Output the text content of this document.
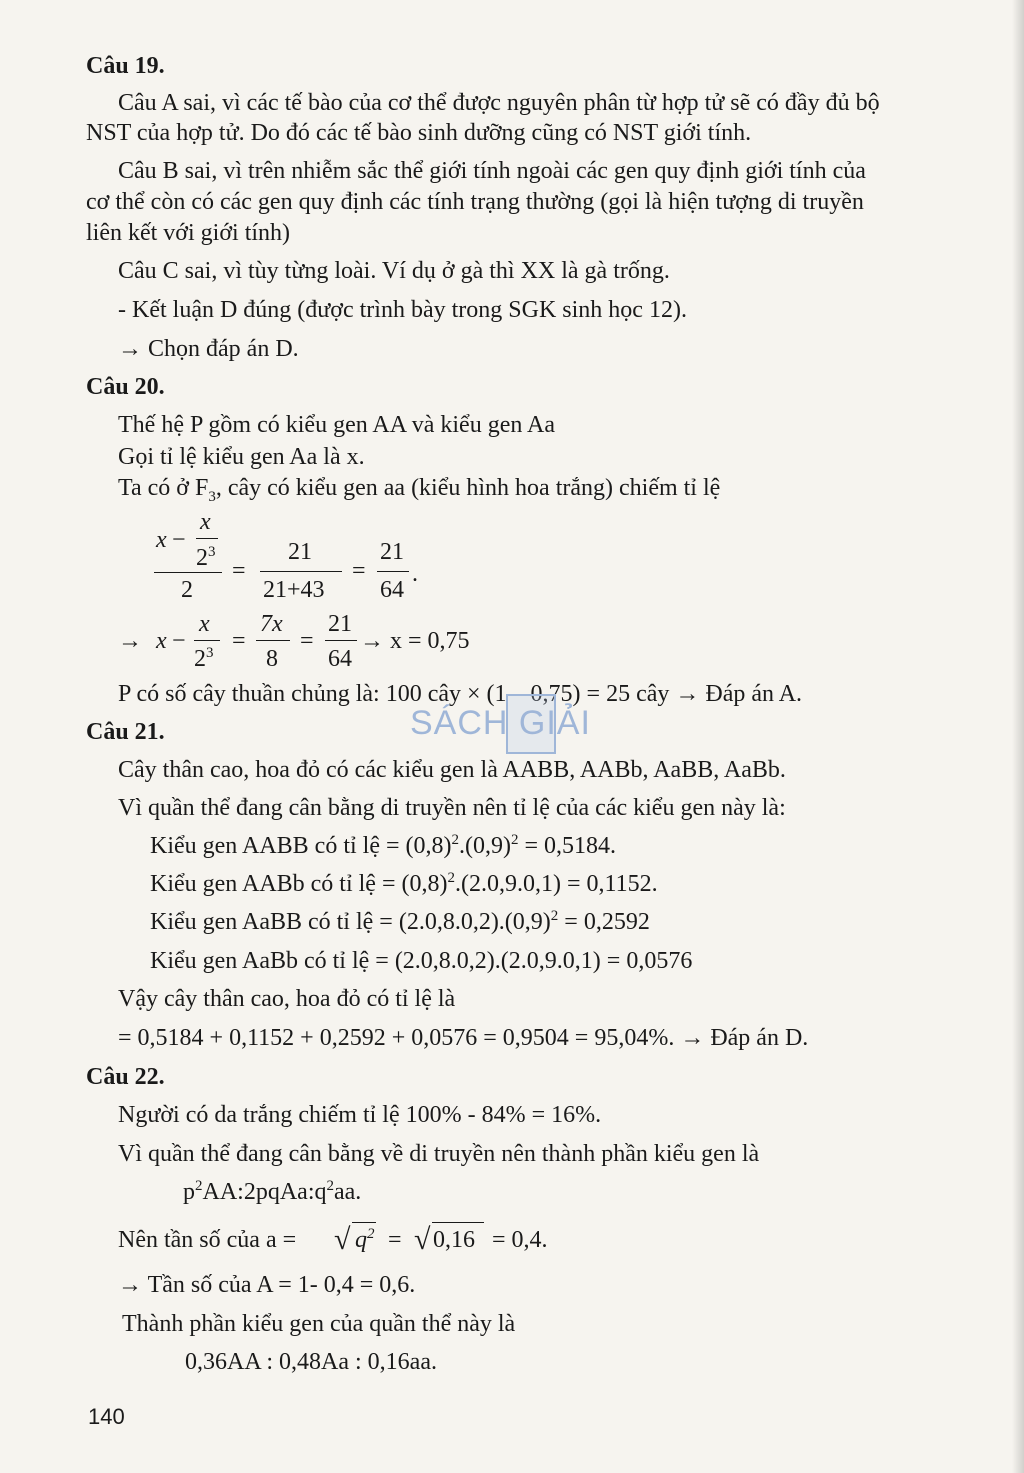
Câu 19.
Câu A sai, vì các tế bào của cơ thể được nguyên phân từ hợp tử sẽ có đầy đủ bộ
NST của hợp tử. Do đó các tế bào sinh dưỡng cũng có NST giới tính.
Câu B sai, vì trên nhiễm sắc thể giới tính ngoài các gen quy định giới tính của
cơ thể còn có các gen quy định các tính trạng thường (gọi là hiện tượng di truyền
liên kết với giới tính)
Câu C sai, vì tùy từng loài. Ví dụ ở gà thì XX là gà trống.
- Kết luận D đúng (được trình bày trong SGK sinh học 12).
→ Chọn đáp án D.
Câu 20.
Thế hệ P gồm có kiểu gen AA và kiểu gen Aa
Gọi tỉ lệ kiểu gen Aa là x.
Ta có ở $F_3$, cây có kiểu gen aa (kiểu hình hoa trắng) chiếm tỉ lệ
x
x −
$2^3$
2
=
21
21+43
=
21
64
.
→ x −
x
$2^3$ =
7x
8
=
21
64
→ x = 0,75
P có số cây thuần chủng là: 100 cây × (1 – 0,75) = 25 cây → Đáp án A.
SÁCH GIẢI
Câu 21.
Cây thân cao, hoa đỏ có các kiểu gen là AABB, AABb, AaBB, AaBb.
Vì quần thể đang cân bằng di truyền nên tỉ lệ của các kiểu gen này là:
Kiểu gen AABB có tỉ lệ = $(0,8)^2.(0,9)^2 = 0,5184$.
Kiểu gen AABb có tỉ lệ = $(0,8)^2.(2.0,9.0,1) = 0,1152$.
Kiểu gen AaBB có tỉ lệ = $(2.0,8.0,2).(0,9)^2 = 0,2592$
Kiểu gen AaBb có tỉ lệ = (2.0,8.0,2).(2.0,9.0,1) = 0,0576
Vậy cây thân cao, hoa đỏ có tỉ lệ là
= 0,5184 + 0,1152 + 0,2592 + 0,0576 = 0,9504 = 95,04%. → Đáp án D.
Câu 22.
Người có da trắng chiếm tỉ lệ 100% - 84% = 16%.
Vì quần thể đang cân bằng về di truyền nên thành phần kiểu gen là
$p^2AA:2pqAa:q^2aa$.
Nên tần số của a = √ $q^2$ = √ 0,16 = 0,4.
→ Tần số của A = 1- 0,4 = 0,6.
Thành phần kiểu gen của quần thể này là
0,36AA : 0,48Aa : 0,16aa.
140
